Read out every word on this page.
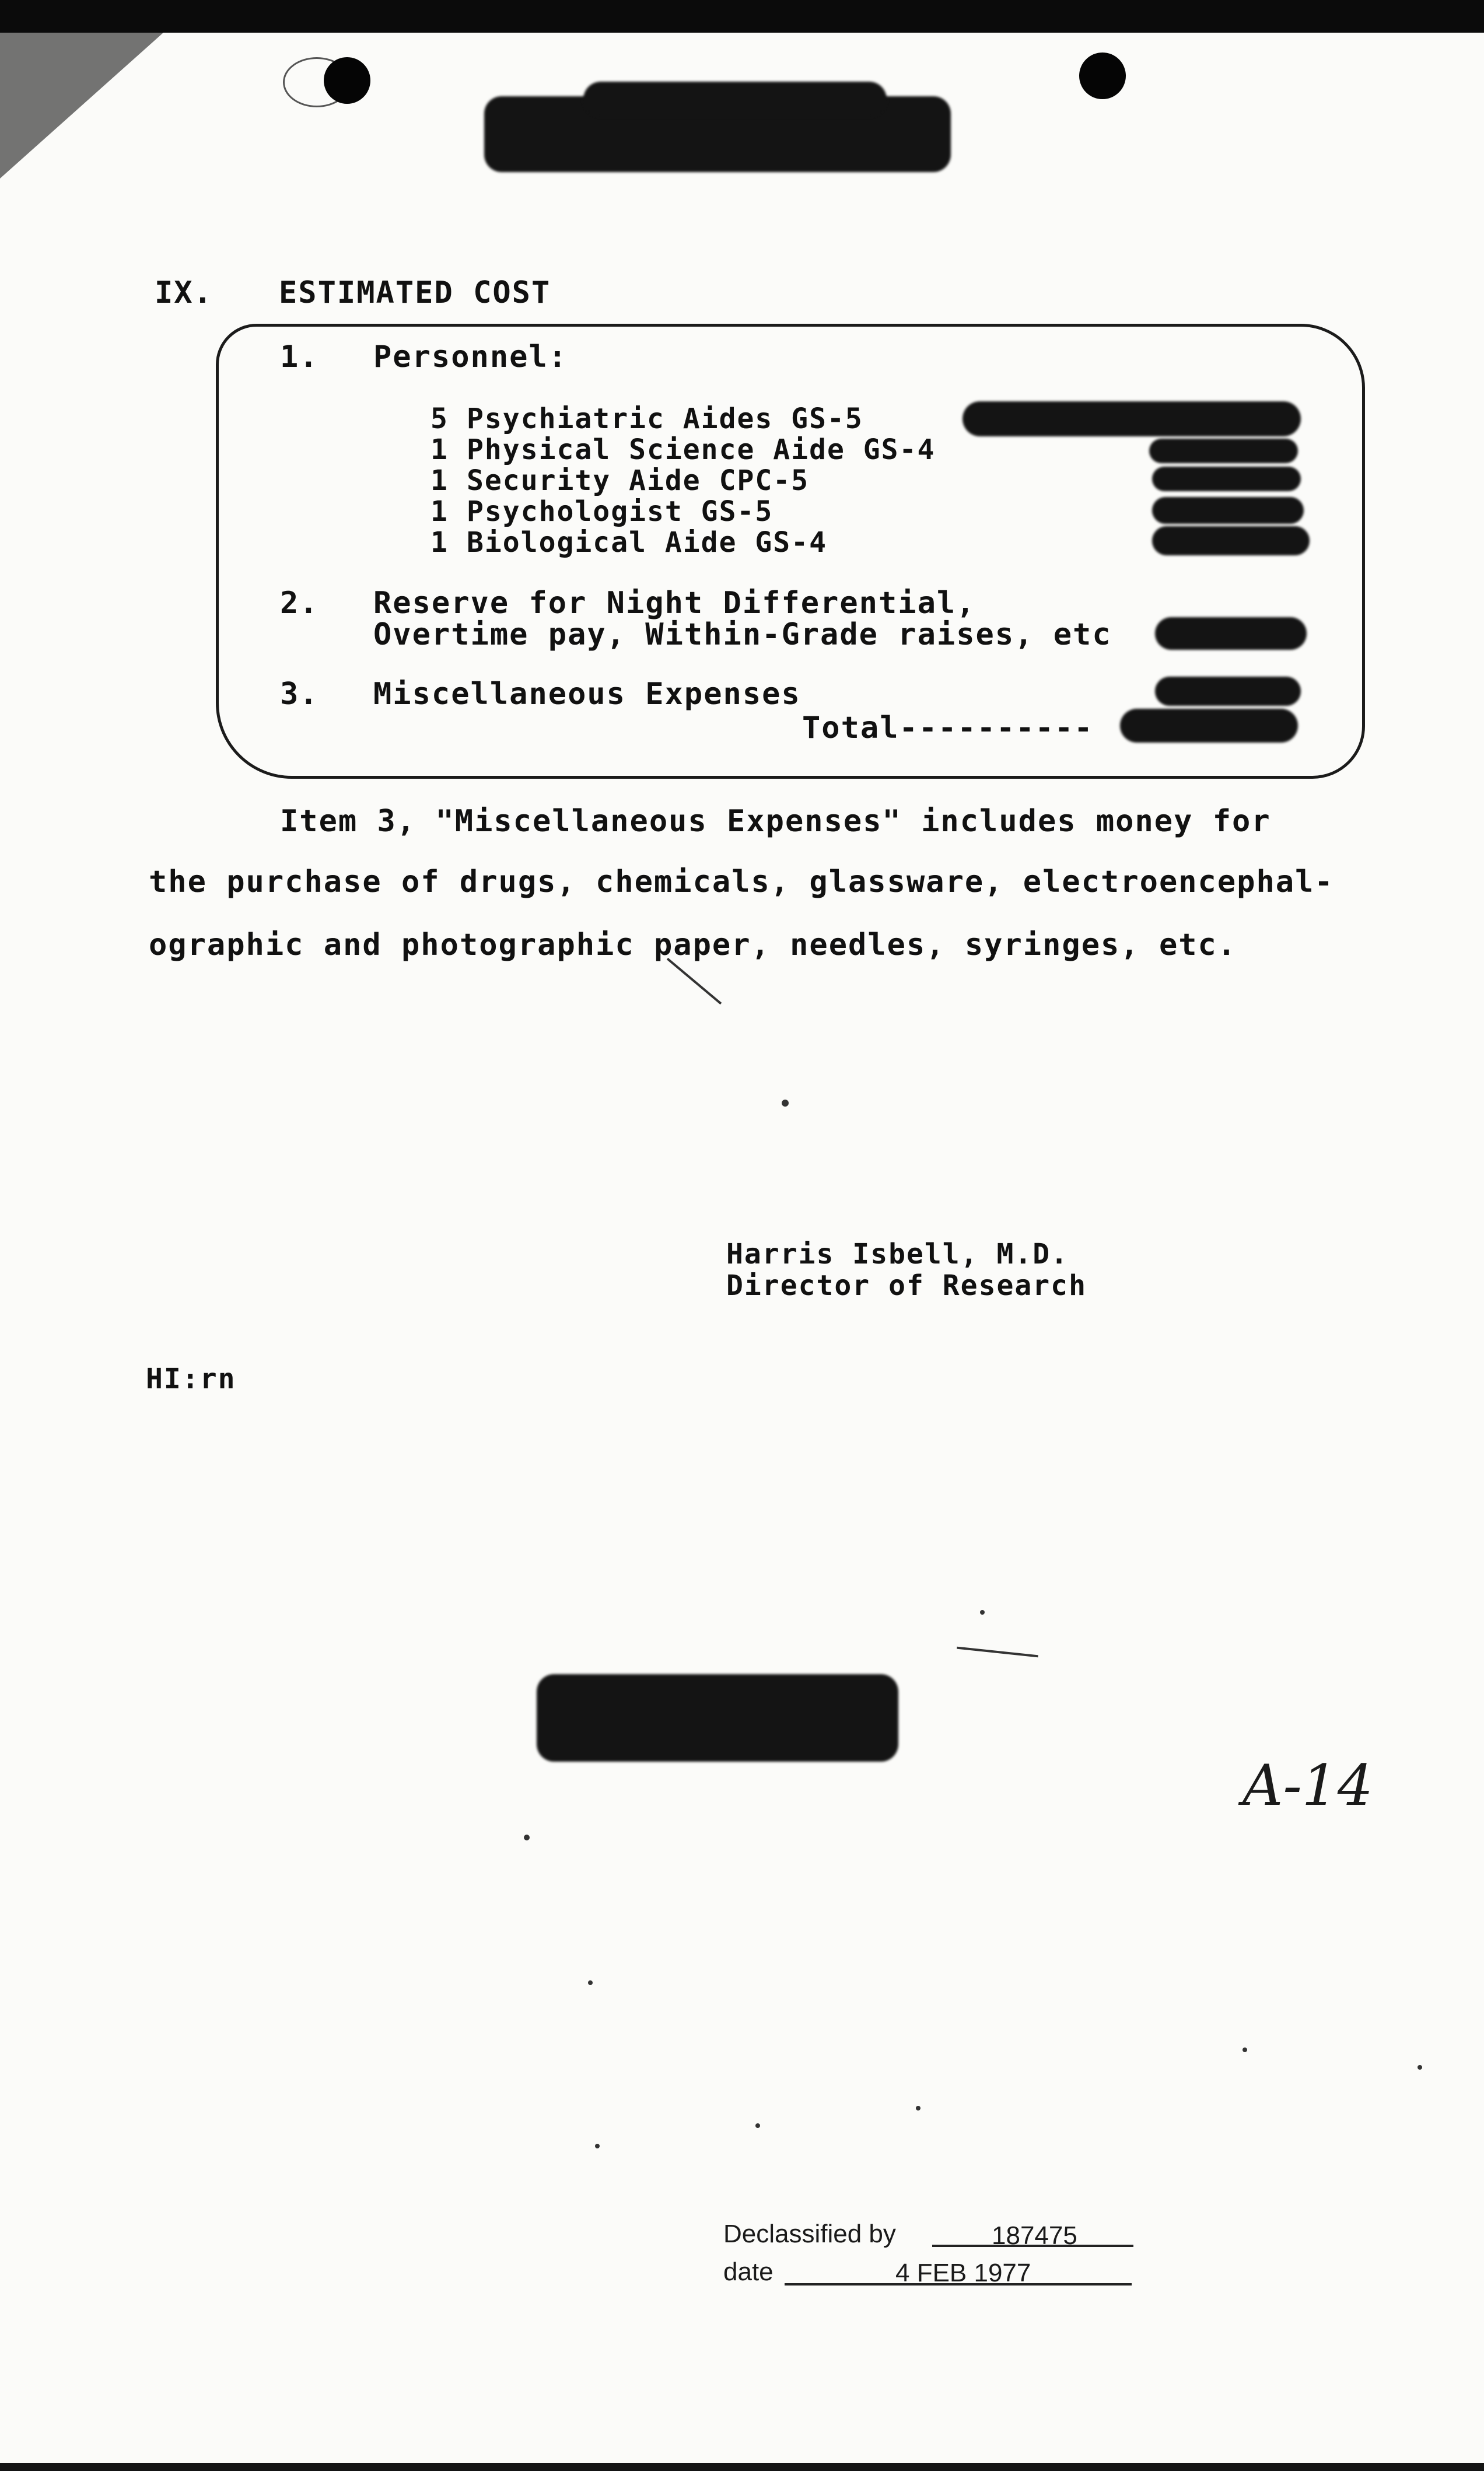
IX. ESTIMATED COST
1. Personnel:
5 Psychiatric Aides GS-5
1 Physical Science Aide GS-4
1 Security Aide CPC-5
1 Psychologist GS-5
1 Biological Aide GS-4
2. Reserve for Night Differential,
Overtime pay, Within-Grade raises, etc
3. Miscellaneous Expenses
Total----------
Item 3, "Miscellaneous Expenses" includes money for
the purchase of drugs, chemicals, glassware, electroencephal-
ographic and photographic paper, needles, syringes, etc.
Harris Isbell, M.D.
Director of Research
HI:rn
A-14
Declassified by	187475
date	4 FEB 1977
